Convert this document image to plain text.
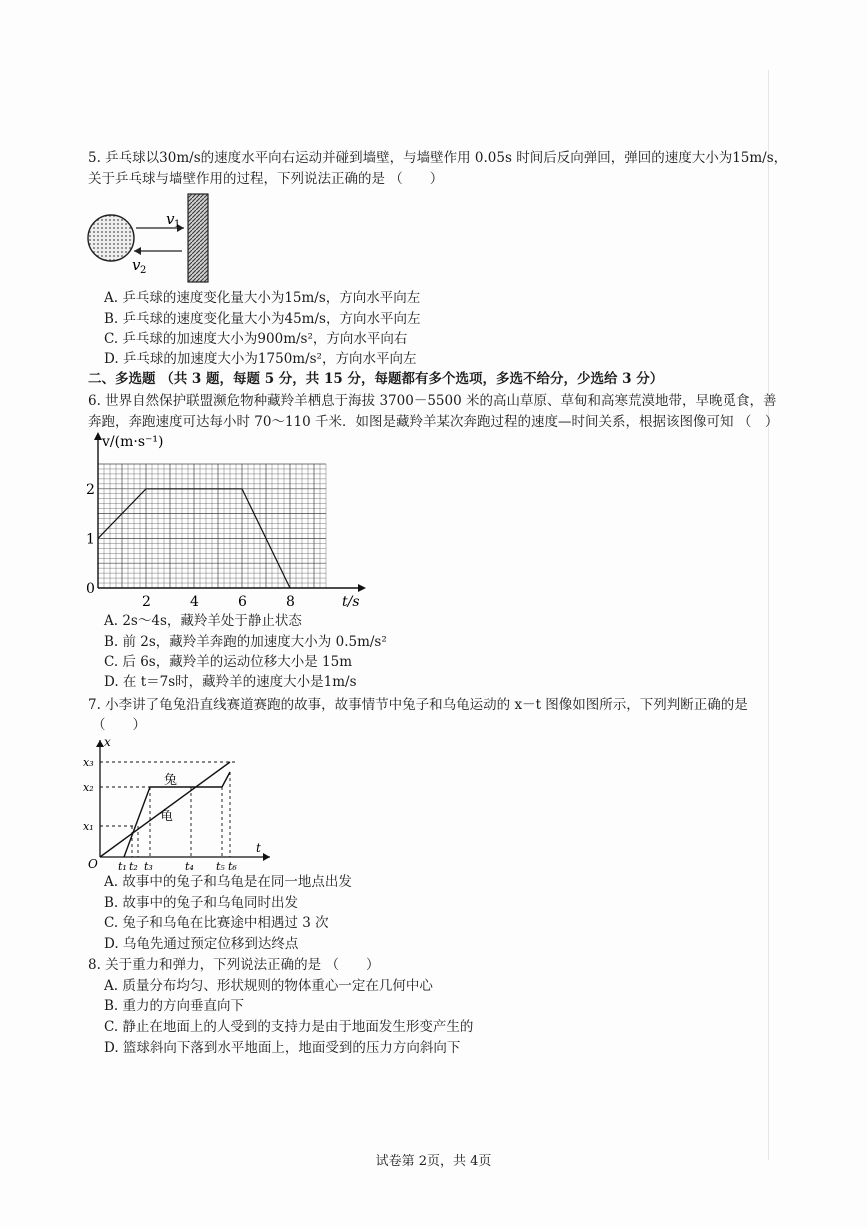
5. 乒乓球以30m/s的速度水平向右运动并碰到墙壁，与墙壁作用 0.05s 时间后反向弹回，弹回的速度大小为15m/s，
关于乒乓球与墙壁作用的过程，下列说法正确的是 （　　）
v 1
v 2
A. 乒乓球的速度变化量大小为15m/s，方向水平向左
B. 乒乓球的速度变化量大小为45m/s，方向水平向左
C. 乒乓球的加速度大小为900m/s²，方向水平向右
D. 乒乓球的加速度大小为1750m/s²，方向水平向左
二、多选题 （共 3 题，每题 5 分，共 15 分，每题都有多个选项，多选不给分，少选给 3 分）
6. 世界自然保护联盟濒危物种藏羚羊栖息于海拔 3700－5500 米的高山草原、草甸和高寒荒漠地带，早晚觅食，善
奔跑，奔跑速度可达每小时 70～110 千米．如图是藏羚羊某次奔跑过程的速度—时间关系，根据该图像可知 （　）
2	4	6	8
1
2
0
t/s
v/(m·s⁻¹)
A. 2s～4s，藏羚羊处于静止状态
B. 前 2s，藏羚羊奔跑的加速度大小为 0.5m/s²
C. 后 6s，藏羚羊的运动位移大小是 15m
D. 在 t＝7s时，藏羚羊的速度大小是1m/s
7. 小李讲了龟兔沿直线赛道赛跑的故事，故事情节中兔子和乌龟运动的 x－t 图像如图所示，下列判断正确的是
（　　）
x
t
O
兔
龟
x₁
x₂
x₃
t₁ t₂ t₃	t₄ t₅ t₆
A. 故事中的兔子和乌龟是在同一地点出发
B. 故事中的兔子和乌龟同时出发
C. 兔子和乌龟在比赛途中相遇过 3 次
D. 乌龟先通过预定位移到达终点
8. 关于重力和弹力，下列说法正确的是 （　　）
A. 质量分布均匀、形状规则的物体重心一定在几何中心
B. 重力的方向垂直向下
C. 静止在地面上的人受到的支持力是由于地面发生形变产生的
D. 篮球斜向下落到水平地面上，地面受到的压力方向斜向下
试卷第 2页，共 4页
